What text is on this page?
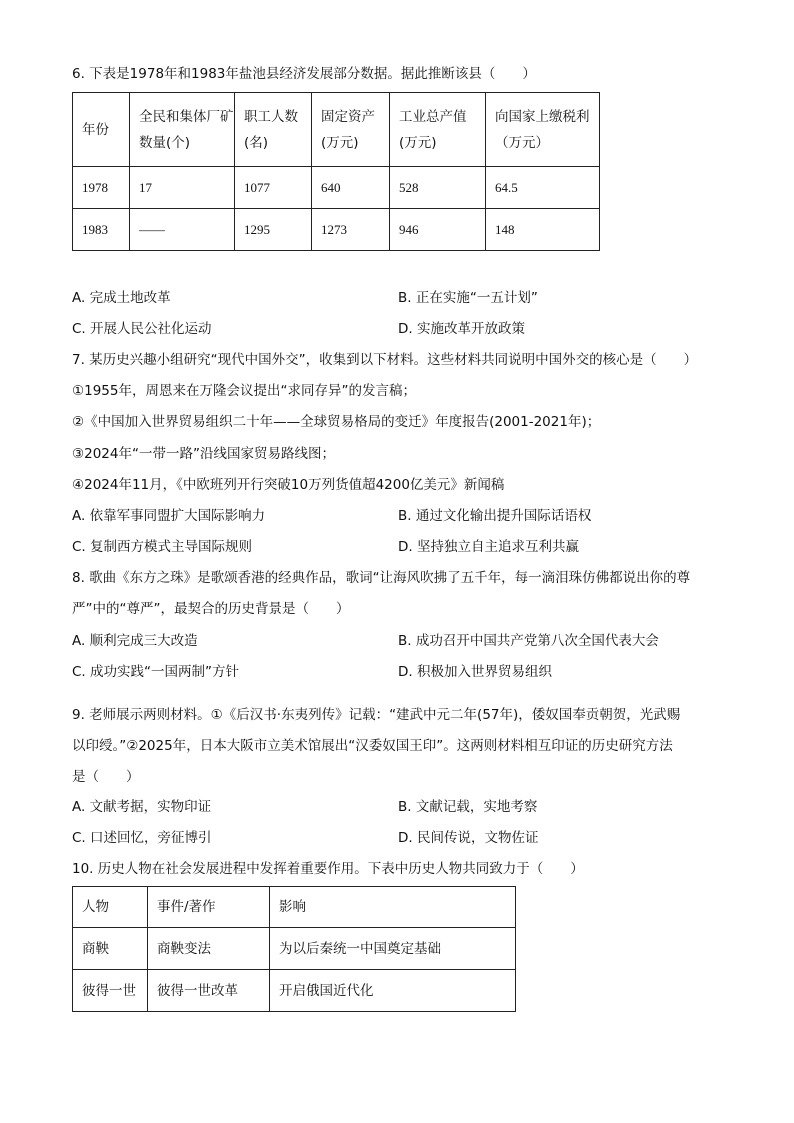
6. 下表是1978年和1983年盐池县经济发展部分数据。据此推断该县（　　）
年份	全民和集体厂矿数量(个)	职工人数(名)	固定资产(万元)	工业总产值(万元)	向国家上缴税利（万元）
1978	17	1077	640	528	64.5
1983	——	1295	1273	946	148
A. 完成土地改革	B. 正在实施“一五计划”
C. 开展人民公社化运动	D. 实施改革开放政策
7. 某历史兴趣小组研究“现代中国外交”，收集到以下材料。这些材料共同说明中国外交的核心是（　　）
①1955年，周恩来在万隆会议提出“求同存异”的发言稿；
②《中国加入世界贸易组织二十年——全球贸易格局的变迁》年度报告(2001-2021年)；
③2024年“一带一路”沿线国家贸易路线图；
④2024年11月，《中欧班列开行突破10万列货值超4200亿美元》新闻稿
A. 依靠军事同盟扩大国际影响力	B. 通过文化输出提升国际话语权
C. 复制西方模式主导国际规则	D. 坚持独立自主追求互利共赢
8. 歌曲《东方之珠》是歌颂香港的经典作品，歌词“让海风吹拂了五千年，每一滴泪珠仿佛都说出你的尊
严”中的“尊严”，最契合的历史背景是（　　）
A. 顺利完成三大改造	B. 成功召开中国共产党第八次全国代表大会
C. 成功实践“一国两制”方针	D. 积极加入世界贸易组织
9. 老师展示两则材料。①《后汉书·东夷列传》记载：“建武中元二年(57年)，倭奴国奉贡朝贺，光武赐
以印绶。”②2025年，日本大阪市立美术馆展出“汉委奴国王印”。这两则材料相互印证的历史研究方法
是（　　）
A. 文献考据，实物印证	B. 文献记载，实地考察
C. 口述回忆，旁征博引	D. 民间传说，文物佐证
10. 历史人物在社会发展进程中发挥着重要作用。下表中历史人物共同致力于（　　）
人物	事件/著作	影响
商鞅	商鞅变法	为以后秦统一中国奠定基础
彼得一世	彼得一世改革	开启俄国近代化
